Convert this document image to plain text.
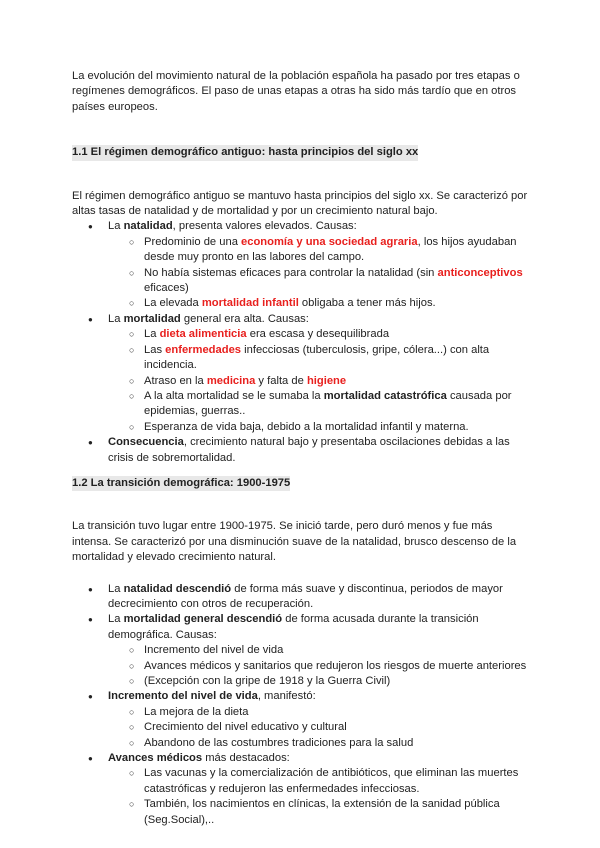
La evolución del movimiento natural de la población española ha pasado por tres etapas o regímenes demográficos. El paso de unas etapas a otras ha sido más tardío que en otros países europeos.

1.1 El régimen demográfico antiguo: hasta principios del siglo xx

El régimen demográfico antiguo se mantuvo hasta principios del siglo xx. Se caracterizó por altas tasas de natalidad y de mortalidad y por un crecimiento natural bajo.

● La natalidad, presenta valores elevados. Causas:
○ Predominio de una economía y una sociedad agraria, los hijos ayudaban desde muy pronto en las labores del campo.
○ No había sistemas eficaces para controlar la natalidad (sin anticonceptivos eficaces)
○ La elevada mortalidad infantil obligaba a tener más hijos.
● La mortalidad general era alta. Causas:
○ La dieta alimenticia era escasa y desequilibrada
○ Las enfermedades infecciosas (tuberculosis, gripe, cólera...) con alta incidencia.
○ Atraso en la medicina y falta de higiene
○ A la alta mortalidad se le sumaba la mortalidad catastrófica causada por epidemias, guerras..
○ Esperanza de vida baja, debido a la mortalidad infantil y materna.
● Consecuencia, crecimiento natural bajo y presentaba oscilaciones debidas a las crisis de sobremortalidad.
1.2 La transición demográfica: 1900-1975

La transición tuvo lugar entre 1900-1975. Se inició tarde, pero duró menos y fue más intensa. Se caracterizó por una disminución suave de la natalidad, brusco descenso de la mortalidad y elevado crecimiento natural.

● La natalidad descendió de forma más suave y discontinua, periodos de mayor decrecimiento con otros de recuperación.
● La mortalidad general descendió de forma acusada durante la transición demográfica. Causas:
○ Incremento del nivel de vida
○ Avances médicos y sanitarios que redujeron los riesgos de muerte anteriores
○ (Excepción con la gripe de 1918 y la Guerra Civil)
● Incremento del nivel de vida, manifestó:
○ La mejora de la dieta
○ Crecimiento del nivel educativo y cultural
○ Abandono de las costumbres tradiciones para la salud
● Avances médicos más destacados:
○ Las vacunas y la comercialización de antibióticos, que eliminan las muertes catastróficas y redujeron las enfermedades infecciosas.
○ También, los nacimientos en clínicas, la extensión de la sanidad pública (Seg.Social),..
